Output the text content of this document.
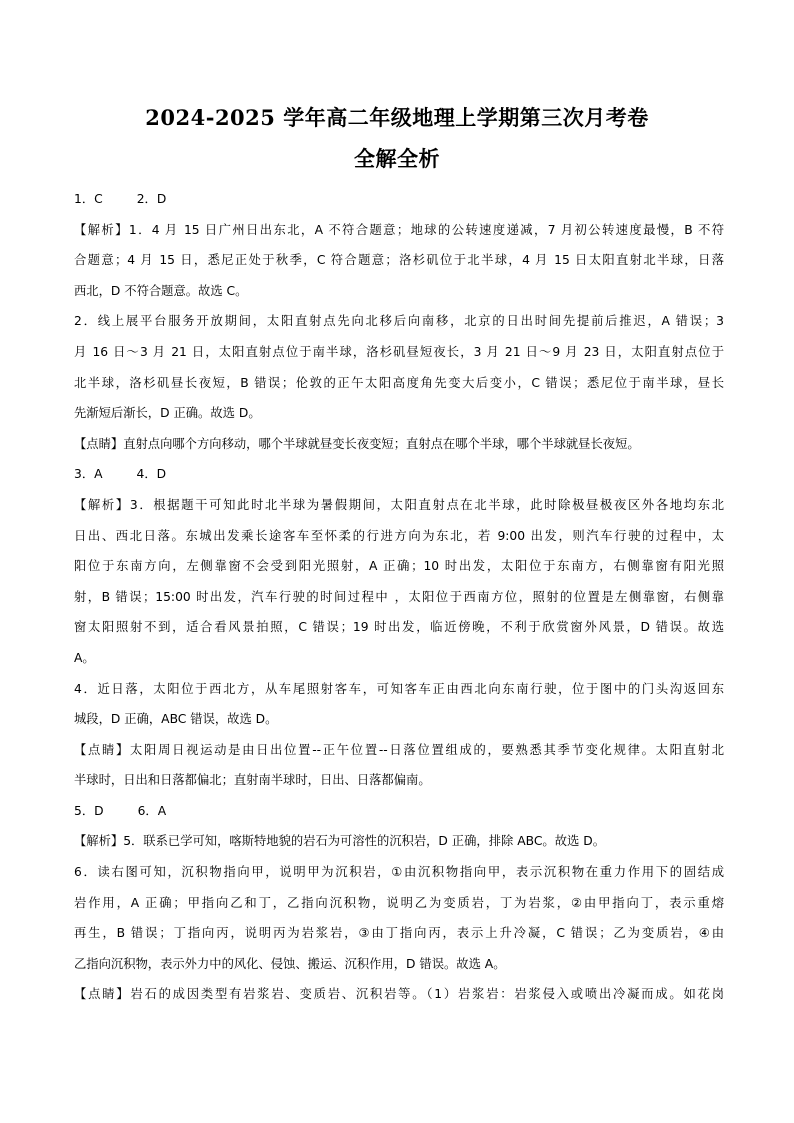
2024-2025 学年高二年级地理上学期第三次月考卷
全解全析
1．C	2．D
【解析】1．4 月 15 日广州日出东北，A 不符合题意；地球的公转速度递减，7 月初公转速度最慢，B 不符
合题意；4 月 15 日，悉尼正处于秋季，C 符合题意；洛杉矶位于北半球，4 月 15 日太阳直射北半球，日落
西北，D 不符合题意。故选 C。
2．线上展平台服务开放期间，太阳直射点先向北移后向南移，北京的日出时间先提前后推迟，A 错误；3
月 16 日～3 月 21 日，太阳直射点位于南半球，洛杉矶昼短夜长，3 月 21 日～9 月 23 日，太阳直射点位于
北半球，洛杉矶昼长夜短，B 错误；伦敦的正午太阳高度角先变大后变小，C 错误；悉尼位于南半球，昼长
先渐短后渐长，D 正确。故选 D。
【点睛】直射点向哪个方向移动，哪个半球就昼变长夜变短；直射点在哪个半球，哪个半球就昼长夜短。
3．A	4．D
【解析】3．根据题干可知此时北半球为暑假期间，太阳直射点在北半球，此时除极昼极夜区外各地均东北
日出、西北日落。东城出发乘长途客车至怀柔的行进方向为东北，若 9:00 出发，则汽车行驶的过程中，太
阳位于东南方向，左侧靠窗不会受到阳光照射，A 正确；10 时出发，太阳位于东南方，右侧靠窗有阳光照
射，B 错误；15:00 时出发，汽车行驶的时间过程中 ，太阳位于西南方位，照射的位置是左侧靠窗，右侧靠
窗太阳照射不到，适合看风景拍照，C 错误；19 时出发，临近傍晚，不利于欣赏窗外风景，D 错误。故选
A。
4．近日落，太阳位于西北方，从车尾照射客车，可知客车正由西北向东南行驶，位于图中的门头沟返回东
城段，D 正确，ABC 错误，故选 D。
【点睛】太阳周日视运动是由日出位置--正午位置--日落位置组成的，要熟悉其季节变化规律。太阳直射北
半球时，日出和日落都偏北；直射南半球时，日出、日落都偏南。
5．D	6．A
【解析】5．联系已学可知，喀斯特地貌的岩石为可溶性的沉积岩，D 正确，排除 ABC。故选 D。
6．读右图可知，沉积物指向甲，说明甲为沉积岩，①由沉积物指向甲，表示沉积物在重力作用下的固结成
岩作用，A 正确；甲指向乙和丁，乙指向沉积物，说明乙为变质岩，丁为岩浆，②由甲指向丁，表示重熔
再生，B 错误；丁指向丙，说明丙为岩浆岩，③由丁指向丙，表示上升冷凝，C 错误；乙为变质岩，④由
乙指向沉积物，表示外力中的风化、侵蚀、搬运、沉积作用，D 错误。故选 A。
【点睛】岩石的成因类型有岩浆岩、变质岩、沉积岩等。（1）岩浆岩：岩浆侵入或喷出冷凝而成。如花岗
